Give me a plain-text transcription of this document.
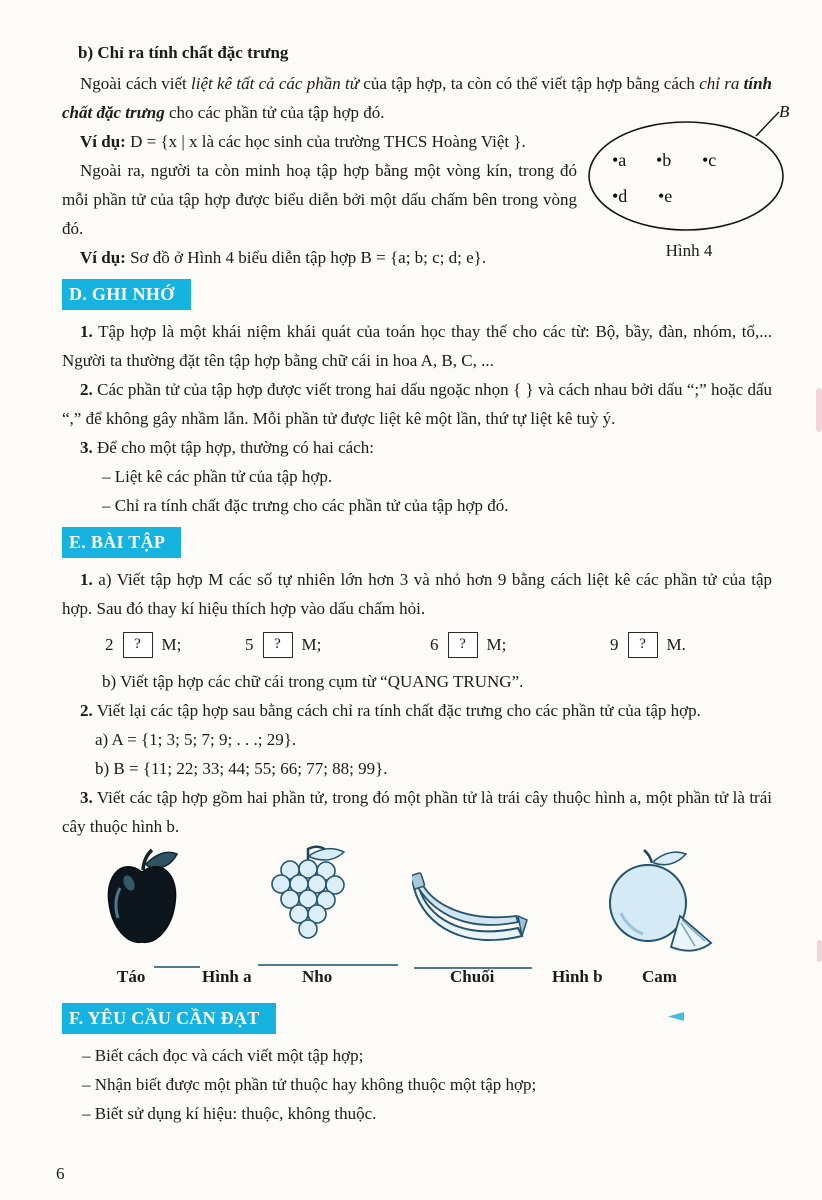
B
•a •b •c
•d •e
Hình 4
b) Chỉ ra tính chất đặc trưng

Ngoài cách viết liệt kê tất cả các phần tử của tập hợp, ta còn có thể viết tập hợp bằng cách chỉ ra tính chất đặc trưng cho các phần tử của tập hợp đó.

Ví dụ: D = {x | x là các học sinh của trường THCS Hoàng Việt }.

Ngoài ra, người ta còn minh hoạ tập hợp bằng một vòng kín, trong đó mỗi phần tử của tập hợp được biểu diễn bởi một dấu chấm bên trong vòng đó.

Ví dụ: Sơ đồ ở Hình 4 biểu diễn tập hợp B = {a; b; c; d; e}.

D. GHI NHỚ

1. Tập hợp là một khái niệm khái quát của toán học thay thế cho các từ: Bộ, bầy, đàn, nhóm, tổ,... Người ta thường đặt tên tập hợp bằng chữ cái in hoa A, B, C, ...

2. Các phần tử của tập hợp được viết trong hai dấu ngoặc nhọn { } và cách nhau bởi dấu “;” hoặc dấu “,” để không gây nhầm lẫn. Mỗi phần tử được liệt kê một lần, thứ tự liệt kê tuỳ ý.

3. Để cho một tập hợp, thường có hai cách:

– Liệt kê các phần tử của tập hợp.
– Chỉ ra tính chất đặc trưng cho các phần tử của tập hợp đó.
E. BÀI TẬP

1. a) Viết tập hợp M các số tự nhiên lớn hơn 3 và nhỏ hơn 9 bằng cách liệt kê các phần tử của tập hợp. Sau đó thay kí hiệu thích hợp vào dấu chấm hỏi.

2 ? M;	5 ? M;	6 ? M;	9 ? M.
b) Viết tập hợp các chữ cái trong cụm từ “QUANG TRUNG”.

2. Viết lại các tập hợp sau bằng cách chỉ ra tính chất đặc trưng cho các phần tử của tập hợp.

a) A = {1; 3; 5; 7; 9; . . .; 29}.
b) B = {11; 22; 33; 44; 55; 66; 77; 88; 99}.

3. Viết các tập hợp gồm hai phần tử, trong đó một phần tử là trái cây thuộc hình a, một phần tử là trái cây thuộc hình b.

Táo	Hình a	Nho	Chuối	Hình b Cam
F. YÊU CẦU CẦN ĐẠT
– Biết cách đọc và cách viết một tập hợp;
– Nhận biết được một phần tử thuộc hay không thuộc một tập hợp;
– Biết sử dụng kí hiệu: thuộc, không thuộc.
6
